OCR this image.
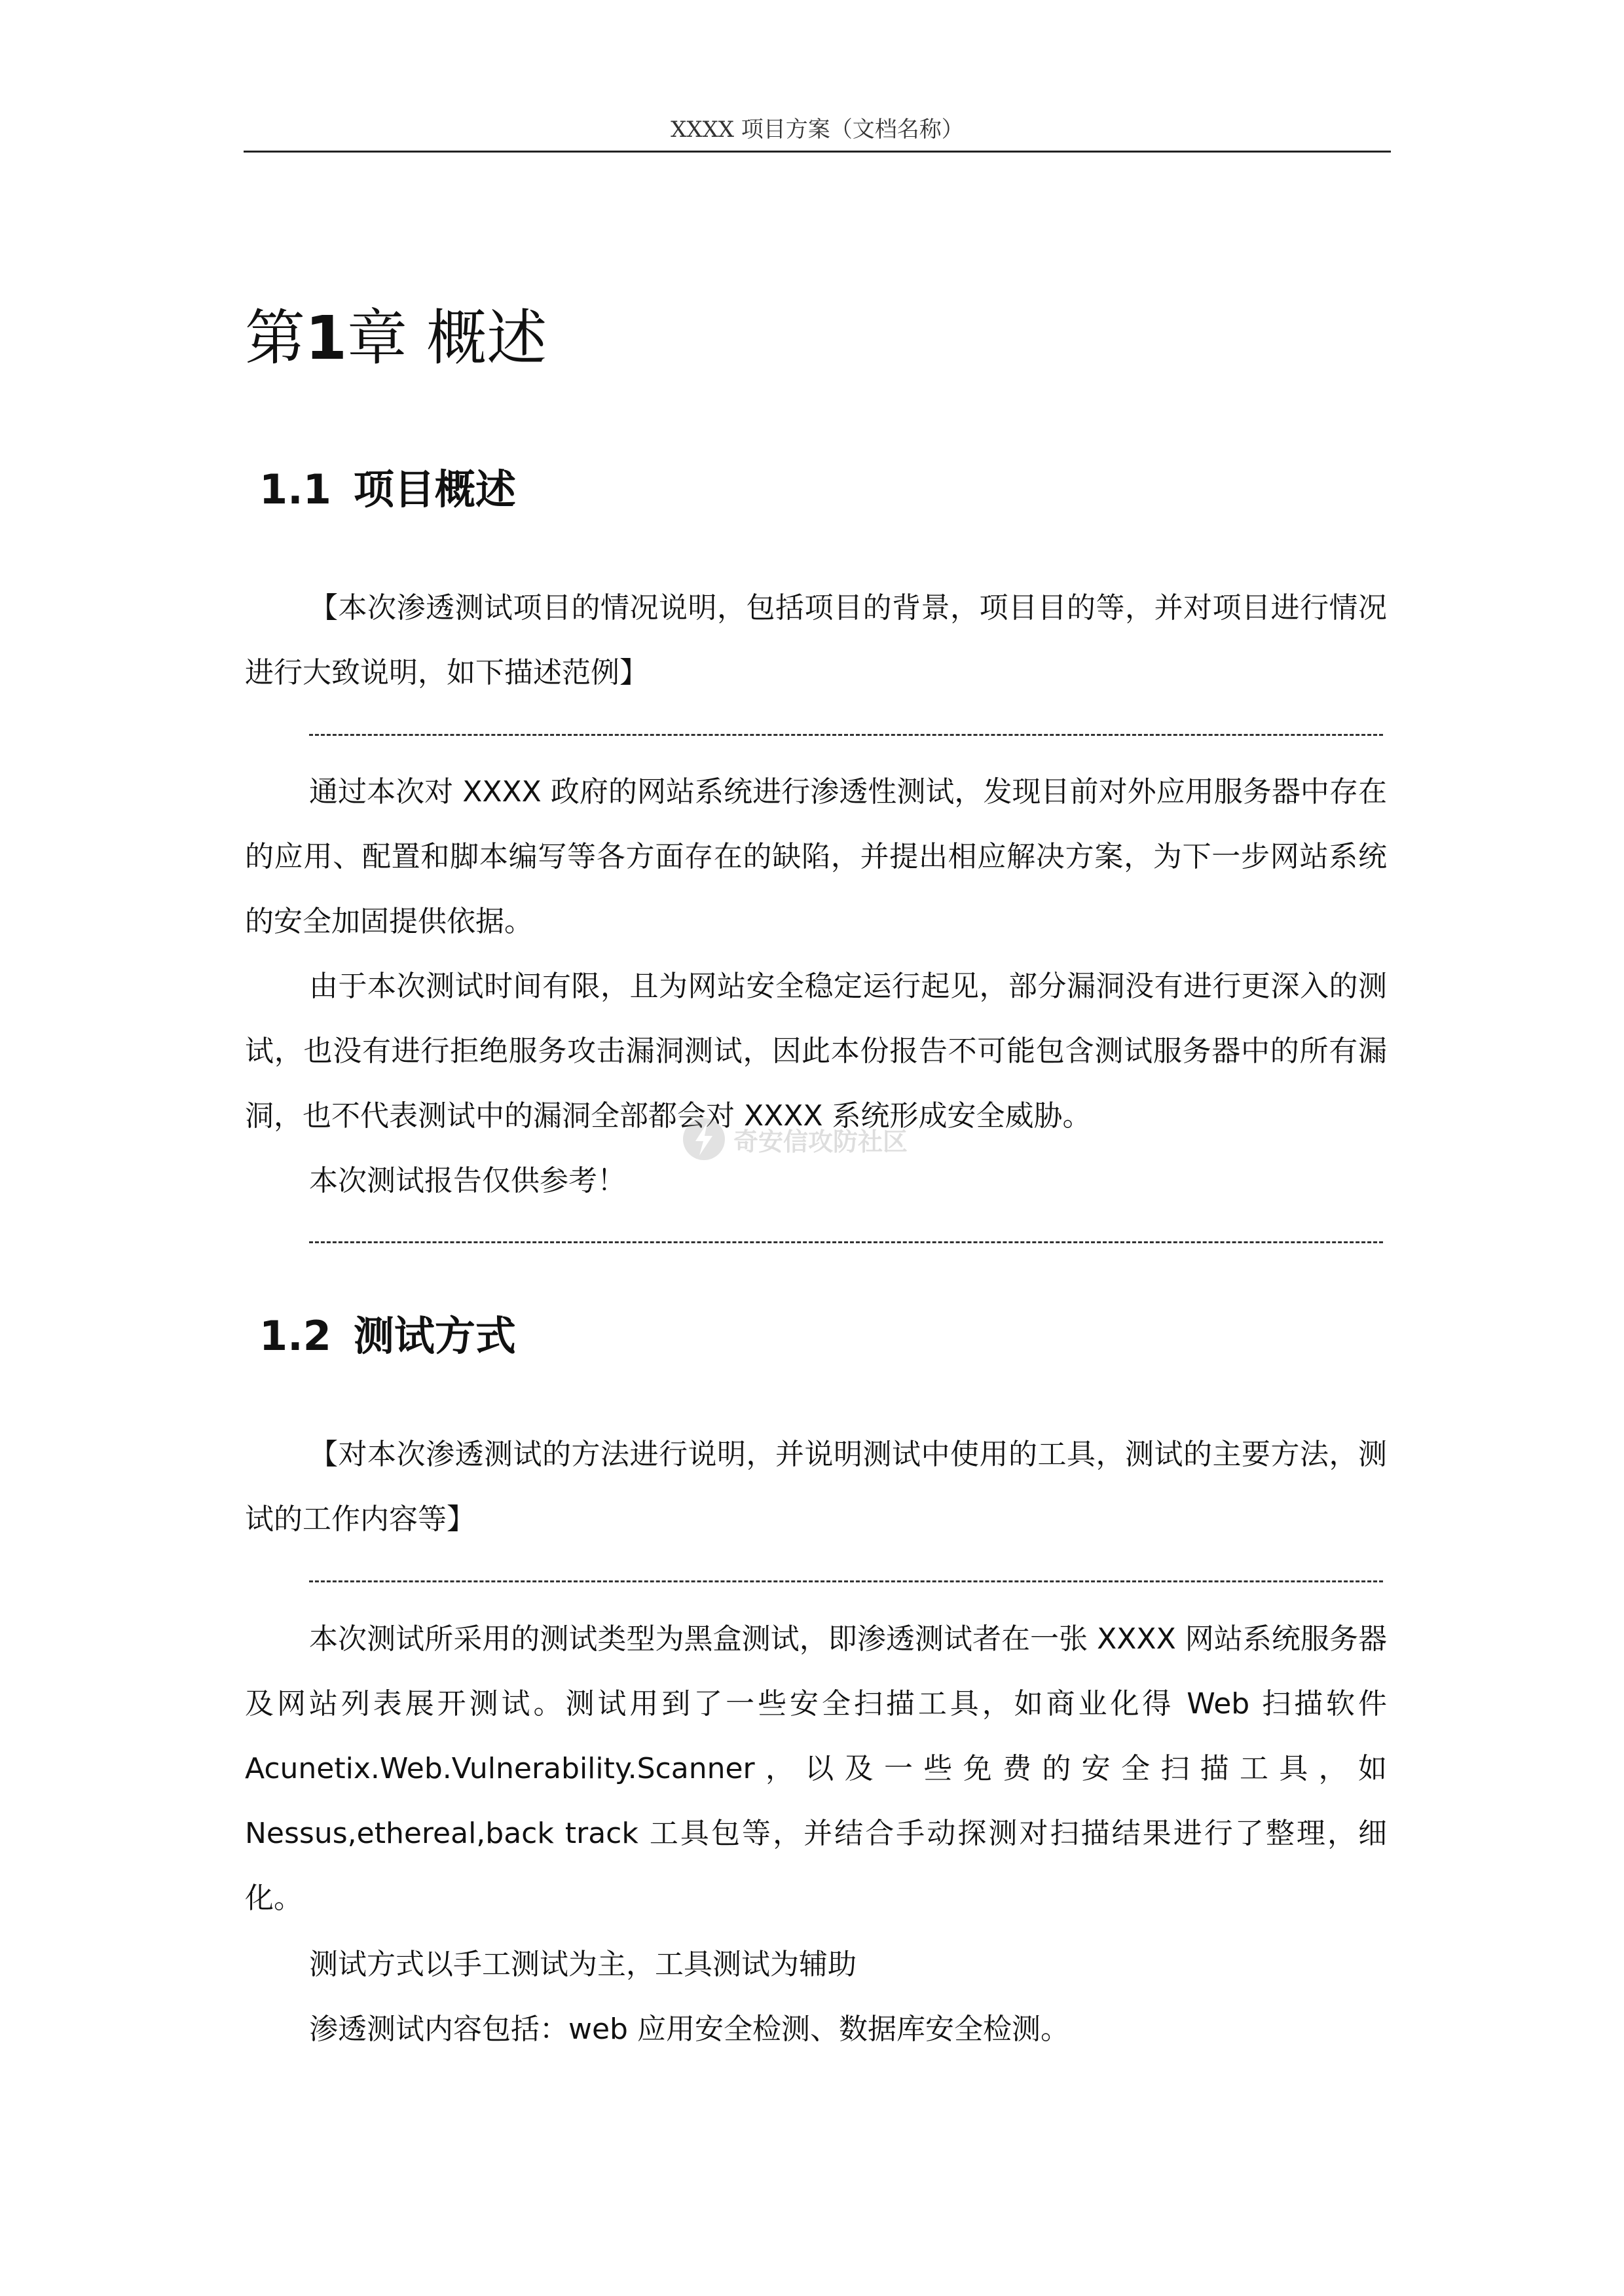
XXXX 项目方案（文档名称）
第1章 概述
1.1 项目概述

【本次渗透测试项目的情况说明，包括项目的背景，项目目的等，并对项目进行情况进行大致说明，如下描述范例】

通过本次对 XXXX 政府的网站系统进行渗透性测试，发现目前对外应用服务器中存在的应用、配置和脚本编写等各方面存在的缺陷，并提出相应解决方案，为下一步网站系统的安全加固提供依据。

由于本次测试时间有限，且为网站安全稳定运行起见，部分漏洞没有进行更深入的测试，也没有进行拒绝服务攻击漏洞测试，因此本份报告不可能包含测试服务器中的所有漏洞，也不代表测试中的漏洞全部都会对 XXXX 系统形成安全威胁。

本次测试报告仅供参考！

奇安信攻防社区
1.2 测试方式

【对本次渗透测试的方法进行说明，并说明测试中使用的工具，测试的主要方法，测试的工作内容等】

本次测试所采用的测试类型为黑盒测试，即渗透测试者在一张 XXXX 网站系统服务器及网站列表展开测试。测试用到了一些安全扫描工具，如商业化得 Web 扫描软件 Acunetix.Web.Vulnerability.Scanner，以及一些免费的安全扫描工具，如 Nessus,ethereal,back track 工具包等，并结合手动探测对扫描结果进行了整理，细化。

测试方式以手工测试为主，工具测试为辅助

渗透测试内容包括：web 应用安全检测、数据库安全检测。
